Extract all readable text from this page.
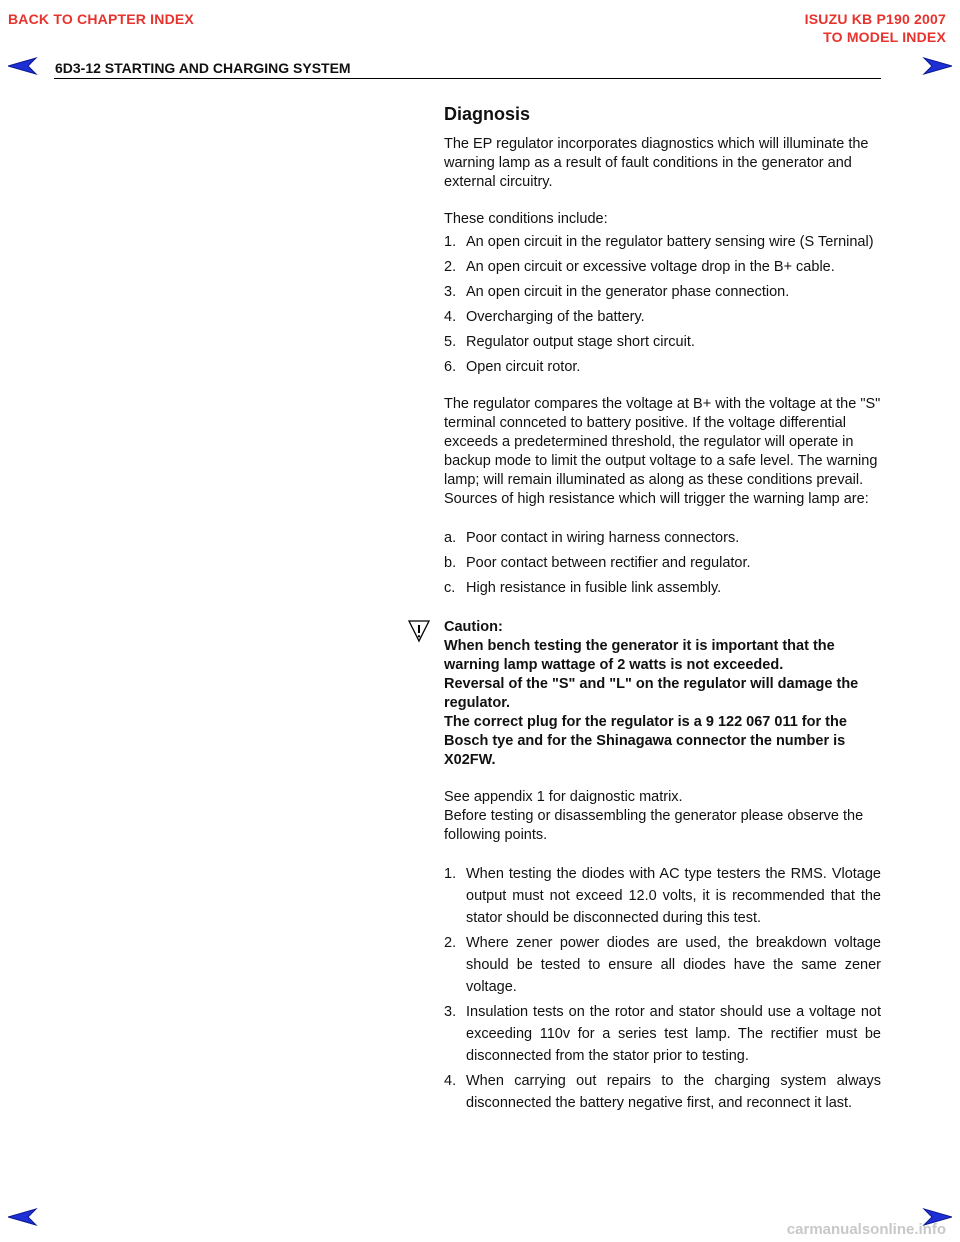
BACK TO CHAPTER INDEX	ISUZU KB P190 2007
TO MODEL INDEX
6D3-12 STARTING AND CHARGING SYSTEM
Diagnosis

The EP regulator incorporates diagnostics which will illuminate the warning lamp as a result of fault conditions in the generator and external circuitry.

These conditions include:

1. An open circuit in the regulator battery sensing wire (S Terninal)
2. An open circuit or excessive voltage drop in the B+ cable.
3. An open circuit in the generator phase connection.
4. Overcharging of the battery.
5. Regulator output stage short circuit.
6. Open circuit rotor.

The regulator compares the voltage at B+ with the voltage at the "S" terminal connceted to battery positive. If the voltage differential exceeds a predetermined threshold, the regulator will operate in backup mode to limit the output voltage to a safe level. The warning lamp; will remain illuminated as along as these conditions prevail.

Sources of high resistance which will trigger the warning lamp are:

a. Poor contact in wiring harness connectors.
b. Poor contact between rectifier and regulator.
c. High resistance in fusible link assembly.

Caution:

When bench testing the generator it is important that the warning lamp wattage of 2 watts is not exceeded.

Reversal of the "S" and "L" on the regulator will damage the regulator.

The correct plug for the regulator is a 9 122 067 011 for the Bosch tye and for the Shinagawa connector the number is X02FW.

See appendix 1 for daignostic matrix.

Before testing or disassembling the generator please observe the following points.

1. When testing the diodes with AC type testers the RMS. Vlotage output must not exceed 12.0 volts, it is recommended that the stator should be disconnected during this test.
2. Where zener power diodes are used, the breakdown voltage should be tested to ensure all diodes have the same zener voltage.
3. Insulation tests on the rotor and stator should use a voltage not exceeding 110v for a series test lamp. The rectifier must be disconnected from the stator prior to testing.
4. When carrying out repairs to the charging system always disconnected the battery negative first, and reconnect it last.
carmanualsonline.info
